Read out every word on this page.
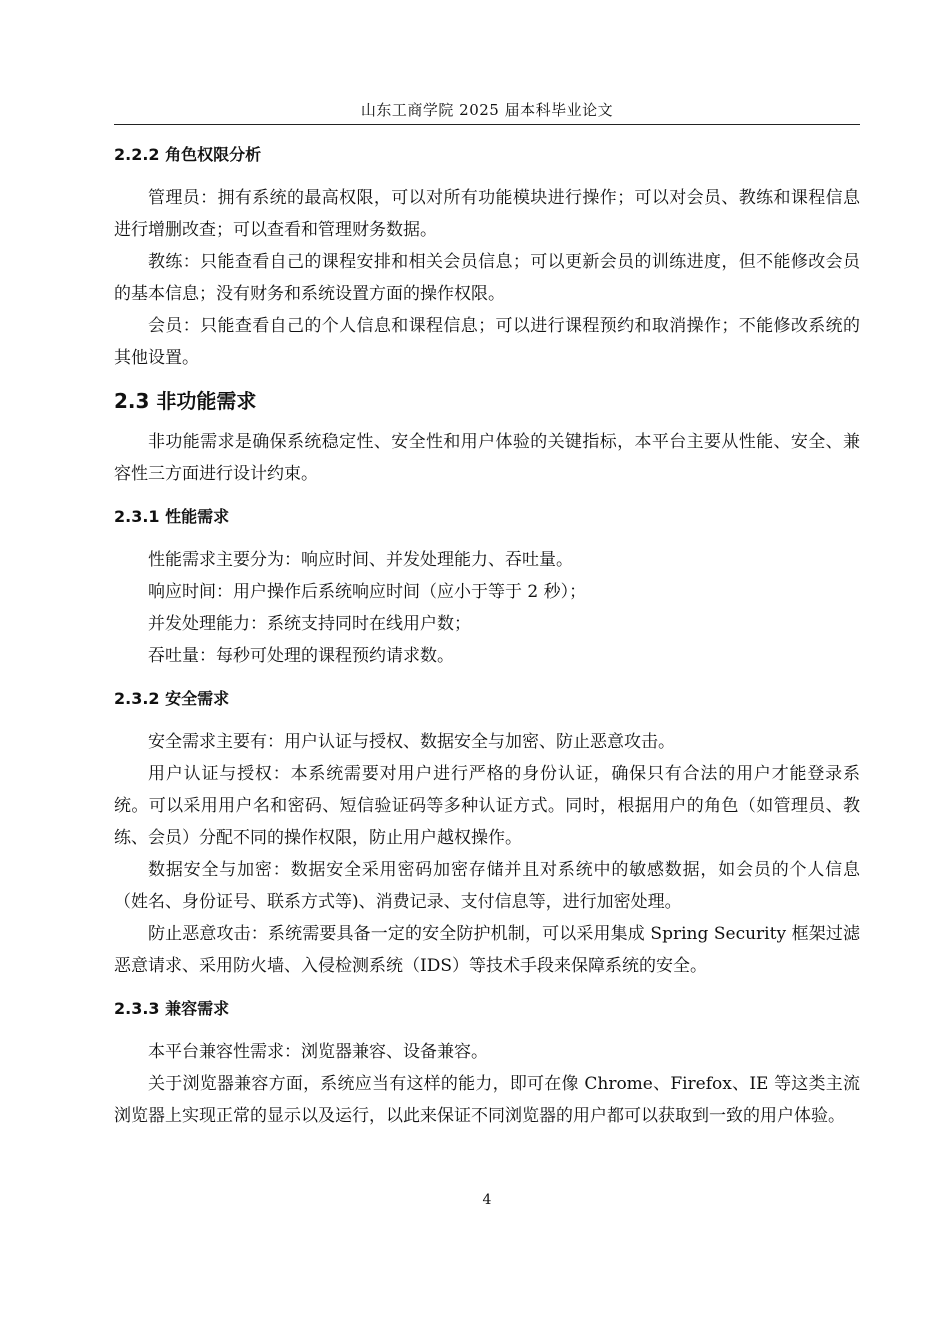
山东工商学院 2025 届本科毕业论文
2.2.2 角色权限分析

管理员：拥有系统的最高权限，可以对所有功能模块进行操作；可以对会员、教练和课程信息进行增删改查；可以查看和管理财务数据。

教练：只能查看自己的课程安排和相关会员信息；可以更新会员的训练进度，但不能修改会员的基本信息；没有财务和系统设置方面的操作权限。

会员：只能查看自己的个人信息和课程信息；可以进行课程预约和取消操作；不能修改系统的其他设置。

2.3 非功能需求

非功能需求是确保系统稳定性、安全性和用户体验的关键指标，本平台主要从性能、安全、兼容性三方面进行设计约束。

2.3.1 性能需求

性能需求主要分为：响应时间、并发处理能力、吞吐量。

响应时间：用户操作后系统响应时间（应小于等于 2 秒）；

并发处理能力：系统支持同时在线用户数；

吞吐量：每秒可处理的课程预约请求数。

2.3.2 安全需求

安全需求主要有：用户认证与授权、数据安全与加密、防止恶意攻击。

用户认证与授权：本系统需要对用户进行严格的身份认证，确保只有合法的用户才能登录系统。可以采用用户名和密码、短信验证码等多种认证方式。同时，根据用户的角色（如管理员、教练、会员）分配不同的操作权限，防止用户越权操作。

数据安全与加密：数据安全采用密码加密存储并且对系统中的敏感数据，如会员的个人信息（姓名、身份证号、联系方式等)、消费记录、支付信息等，进行加密处理。

防止恶意攻击：系统需要具备一定的安全防护机制，可以采用集成 Spring Security 框架过滤恶意请求、采用防火墙、入侵检测系统（IDS）等技术手段来保障系统的安全。

2.3.3 兼容需求

本平台兼容性需求：浏览器兼容、设备兼容。

关于浏览器兼容方面，系统应当有这样的能力，即可在像 Chrome、Firefox、IE 等这类主流浏览器上实现正常的显示以及运行，以此来保证不同浏览器的用户都可以获取到一致的用户体验。

4
